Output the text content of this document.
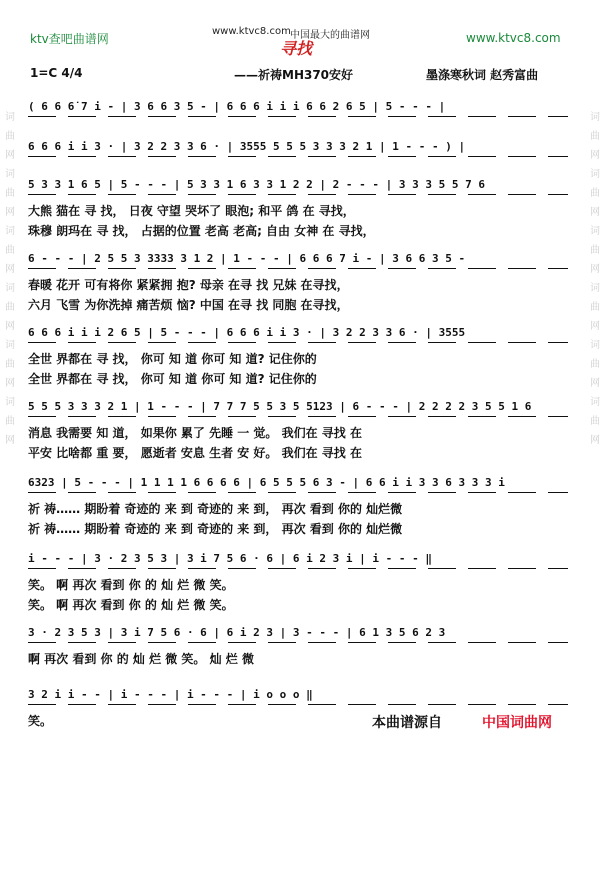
ktv查吧曲谱网
www.ktvc8.com 中国最大的曲谱网
寻找
www.ktvc8.com
1=C 4/4	——祈祷MH370安好	墨涤寒秋词 赵秀富曲
词
曲
网
词
曲
网
词
曲
网
词
曲
网
词
曲
网
词
曲
网
词
曲
网
词
曲
网
词
曲
网
词
曲
网
词
曲
网
词
曲
网
( 6 6 6̇ 7 i - | 3 6 6 3 5 - | 6 6 6 i i i 6 6 2 6 5 | 5 - - - |
6 6 6 i i 3 · | 3 2 2 3 3 6 · | 3555 5 5 5 3 3 3 2 1 | 1 - - - ) |
5 3 3 1 6 5 | 5 - - - | 5 3 3 1 6 3 3 1 2 2 | 2 - - - | 3 3 3 5 5 7 6
大熊 猫在 寻 找， 日夜 守望 哭坏了 眼泡; 和平 鸽 在 寻找，
珠穆 朗玛在 寻 找， 占据的位置 老高 老高; 自由 女神 在 寻找，
6 - - - | 2 5 5 3 3333 3 1 2 | 1 - - - | 6 6 6 7 i - | 3 6 6 3 5 -
春暖 花开 可有将你 紧紧拥 抱? 母亲 在寻 找 兄妹 在寻找，
六月 飞雪 为你洗掉 痛苦烦 恼? 中国 在寻 找 同胞 在寻找，
6 6 6 i i i 2 6 5 | 5 - - - | 6 6 6 i i 3 · | 3 2 2 3 3 6 · | 3555
全世 界都在 寻 找， 你可 知 道 你可 知 道? 记住你的
全世 界都在 寻 找， 你可 知 道 你可 知 道? 记住你的
5 5 5 3 3 3 2 1 | 1 - - - | 7 7 7 5 5 3 5 5123 | 6 - - - | 2 2 2 2 3 5 5 1 6
消息 我需要 知 道， 如果你 累了 先睡 一 觉。 我们在 寻找 在
平安 比啥都 重 要， 愿逝者 安息 生者 安 好。 我们在 寻找 在
6323 | 5 - - - | 1 1 1 1 6 6 6 6 | 6 5 5 5 6 3 - | 6 6 i i 3 3 6 3 3 3 i
祈 祷…… 期盼着 奇迹的 来 到 奇迹的 来 到， 再次 看到 你的 灿烂微
祈 祷…… 期盼着 奇迹的 来 到 奇迹的 来 到， 再次 看到 你的 灿烂微
i - - - | 3 · 2 3 5 3 | 3 i 7 5 6 · 6 | 6 i 2 3 i | i - - - ‖
笑。 啊 再次 看到 你 的 灿 烂 微 笑。
笑。 啊 再次 看到 你 的 灿 烂 微 笑。
3 · 2 3 5 3 | 3 i 7 5 6 · 6 | 6 i 2 3 | 3 - - - | 6 1 3 5 6 2 3
啊 再次 看到 你 的 灿 烂 微 笑。 灿 烂 微
3 2 i i - - | i - - - | i - - - | i o o o ‖
笑。	本曲谱源自	中国词曲网
